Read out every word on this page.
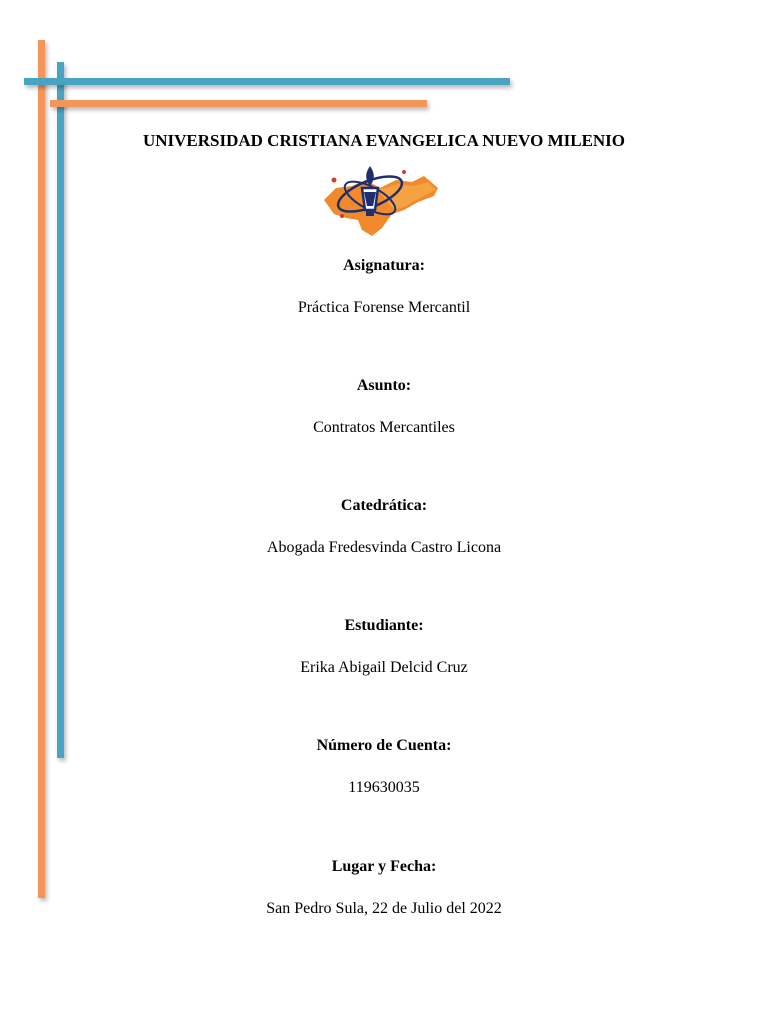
UNIVERSIDAD CRISTIANA EVANGELICA NUEVO MILENIO
Asignatura:
Práctica Forense Mercantil
Asunto:
Contratos Mercantiles
Catedrática:
Abogada Fredesvinda Castro Licona
Estudiante:
Erika Abigail Delcid Cruz
Número de Cuenta:
119630035
Lugar y Fecha:
San Pedro Sula, 22 de Julio del 2022
